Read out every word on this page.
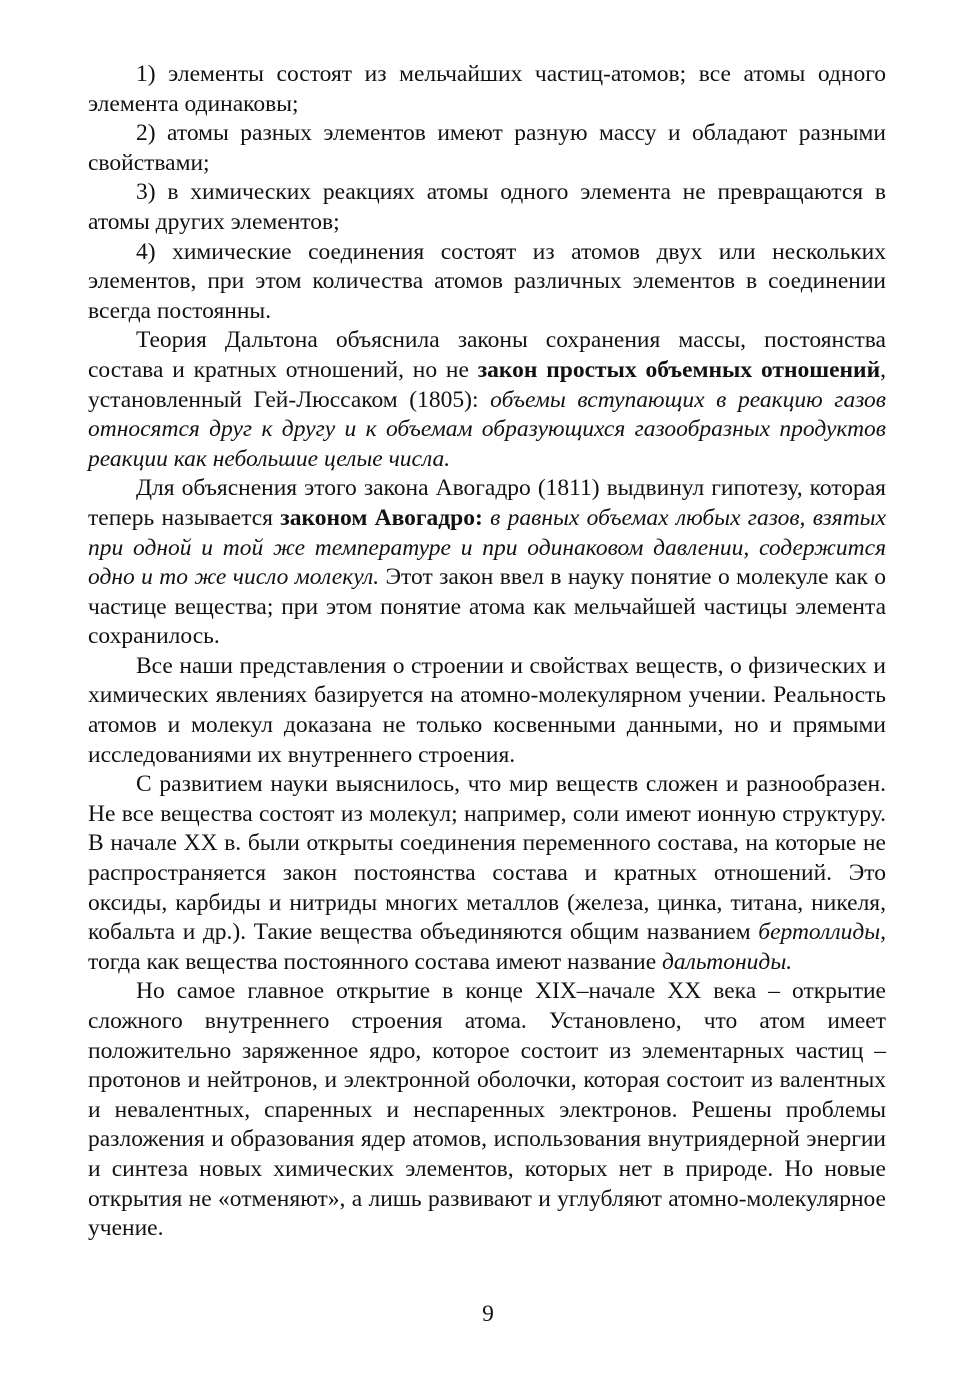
1) элементы состоят из мельчайших частиц-атомов; все атомы одного элемента одинаковы;

2) атомы разных элементов имеют разную массу и обладают разными свойствами;

3) в химических реакциях атомы одного элемента не превращаются в атомы других элементов;

4) химические соединения состоят из атомов двух или нескольких элементов, при этом количества атомов различных элементов в соединении всегда постоянны.

Теория Дальтона объяснила законы сохранения массы, постоянства состава и кратных отношений, но не закон простых объемных отношений, установленный Гей-Люссаком (1805): объемы вступающих в реакцию газов относятся друг к другу и к объемам образующихся газообразных продуктов реакции как небольшие целые числа.

Для объяснения этого закона Авогадро (1811) выдвинул гипотезу, которая теперь называется законом Авогадро: в равных объемах любых газов, взятых при одной и той же температуре и при одинаковом давлении, содержится одно и то же число молекул. Этот закон ввел в науку понятие о молекуле как о частице вещества; при этом понятие атома как мельчайшей частицы элемента сохранилось.

Все наши представления о строении и свойствах веществ, о физических и химических явлениях базируется на атомно-молекулярном учении. Реальность атомов и молекул доказана не только косвенными данными, но и прямыми исследованиями их внутреннего строения.

С развитием науки выяснилось, что мир веществ сложен и разнообразен. Не все вещества состоят из молекул; например, соли имеют ионную структуру. В начале XX в. были открыты соединения переменного состава, на которые не распространяется закон постоянства состава и кратных отношений. Это оксиды, карбиды и нитриды многих металлов (железа, цинка, титана, никеля, кобальта и др.). Такие вещества объединяются общим названием бертоллиды, тогда как вещества постоянного состава имеют название дальтониды.

Но самое главное открытие в конце XIX–начале XX века – открытие сложного внутреннего строения атома. Установлено, что атом имеет положительно заряженное ядро, которое состоит из элементарных частиц – протонов и нейтронов, и электронной оболочки, которая состоит из валентных и невалентных, спаренных и неспаренных электронов. Решены проблемы разложения и образования ядер атомов, использования внутриядерной энергии и синтеза новых химических элементов, которых нет в природе. Но новые открытия не «отменяют», а лишь развивают и углубляют атомно-молекулярное учение.

9
